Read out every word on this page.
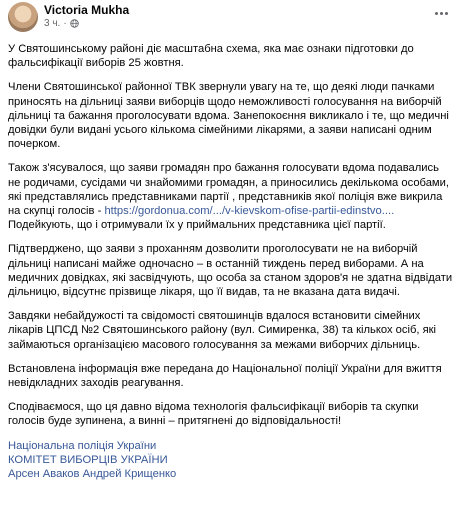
Victoria Mukha
3 ч. ·

У Святошинському районі діє масштабна схема, яка має ознаки підготовки до фальсифікації виборів 25 жовтня.

Члени Святошинської районної ТВК звернули увагу на те, що деякі люди пачками приносять на дільниці заяви виборців щодо неможливості голосування на виборчій дільниці та бажання проголосувати вдома. Занепокоєння викликало і те, що медичні довідки були видані усього кількома сімейними лікарями, а заяви написані одним почерком.

Також з'ясувалося, що заяви громадян про бажання голосувати вдома подавались не родичами, сусідами чи знайомими громадян, а приносились декількома особами, які представлялись представниками партії , представників якої поліція вже викрила на скупці голосів - https://gordonua.com/.../v-kievskom-ofise-partii-edinstvo.... Подейкують, що і отримували їх у приймальних представника цієї партії.

Підтверджено, що заяви з проханням дозволити проголосувати не на виборчій дільниці написані майже одночасно – в останній тиждень перед виборами. А на медичних довідках, які засвідчують, що особа за станом здоров'я не здатна відвідати дільницю, відсутнє прізвище лікаря, що її видав, та не вказана дата видачі.

Завдяки небайдужості та свідомості святошинців вдалося встановити сімейних лікарів ЦПСД №2 Святошинського району (вул. Симиренка, 38) та кількох осіб, які займаються організацією масового голосування за межами виборчих дільниць.

Встановлена інформація вже передана до Національної поліції України для вжиття невідкладних заходів реагування.

Сподіваємося, що ця давно відома технологія фальсифікації виборів та скупки голосів буде зупинена, а винні – притягнені до відповідальності!

Національна поліція України
КОМІТЕТ ВИБОРЦІВ УКРАЇНИ
Арсен Аваков Андрей Крищенко
